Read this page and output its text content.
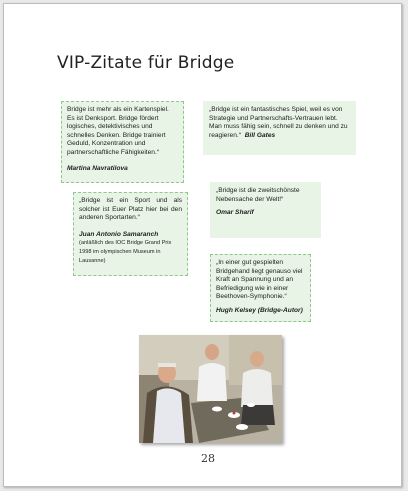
VIP-Zitate für Bridge
Bridge ist mehr als ein Kartenspiel. Es ist Denksport. Bridge fördert logisches, detektivisches und schnelles Denken. Bridge trainiert Geduld, Konzentration und partnerschaftliche Fähigkeiten.“
Martina Navratilova
„Bridge ist ein fantastisches Spiel, weil es von Strategie und Partnerschafts-Vertrauen lebt. Man muss fähig sein, schnell zu denken und zu reagieren.“ Bill Gates
„Bridge ist ein Sport und als solcher ist Euer Platz hier bei den anderen Sportarten.“
Juan Antonio Samaranch (anläßlich des IOC Bridge Grand Prix 1998 im olympischen Museum in Lausanne)
„Bridge ist die zweitschönste Nebensache der Welt!“
Omar Sharif
„In einer gut gespielten Bridgehand liegt genauso viel Kraft an Spannung und an Befriedigung wie in einer Beethoven-Symphonie.“
Hugh Kelsey (Bridge-Autor)
28
